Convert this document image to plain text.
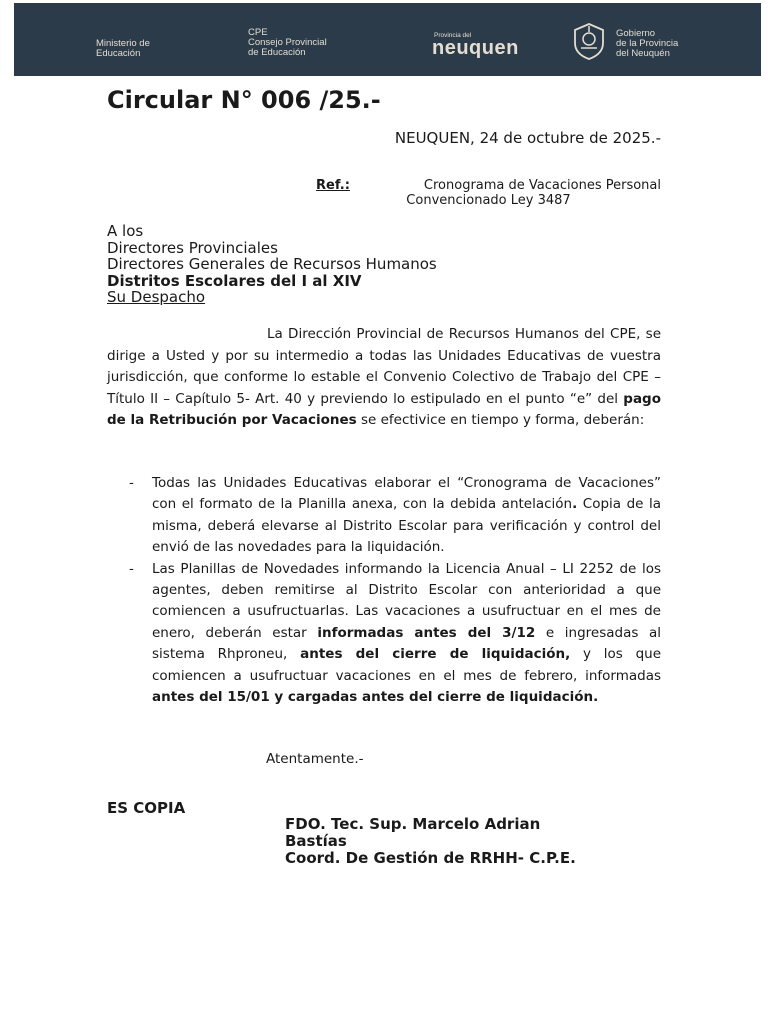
Ministerio de
Educación
CPE
Consejo Provincial
de Educación
Provincia del
neuquen
Gobierno
de la Provincia
del Neuquén
Circular N° 006 /25.-
NEUQUEN, 24 de octubre de 2025.-
Ref.:	Cronograma de Vacaciones Personal
Convencionado Ley 3487
A los
Directores Provinciales
Directores Generales de Recursos Humanos
Distritos Escolares del I al XIV
Su Despacho
La Dirección Provincial de Recursos Humanos del CPE, se dirige a Usted y por su intermedio a todas las Unidades Educativas de vuestra jurisdicción, que conforme lo estable el Convenio Colectivo de Trabajo del CPE – Título II – Capítulo 5- Art. 40 y previendo lo estipulado en el punto “e” del pago de la Retribución por Vacaciones se efectivice en tiempo y forma, deberán:
-	Todas las Unidades Educativas elaborar el “Cronograma de Vacaciones” con el formato de la Planilla anexa, con la debida antelación. Copia de la misma, deberá elevarse al Distrito Escolar para verificación y control del envió de las novedades para la liquidación.
-	Las Planillas de Novedades informando la Licencia Anual – LI 2252 de los agentes, deben remitirse al Distrito Escolar con anterioridad a que comiencen a usufructuarlas. Las vacaciones a usufructuar en el mes de enero, deberán estar informadas antes del 3/12 e ingresadas al sistema Rhproneu, antes del cierre de liquidación, y los que comiencen a usufructuar vacaciones en el mes de febrero, informadas antes del 15/01 y cargadas antes del cierre de liquidación.
Atentamente.-
ES COPIA
FDO. Tec. Sup. Marcelo Adrian Bastías
Coord. De Gestión de RRHH- C.P.E.
